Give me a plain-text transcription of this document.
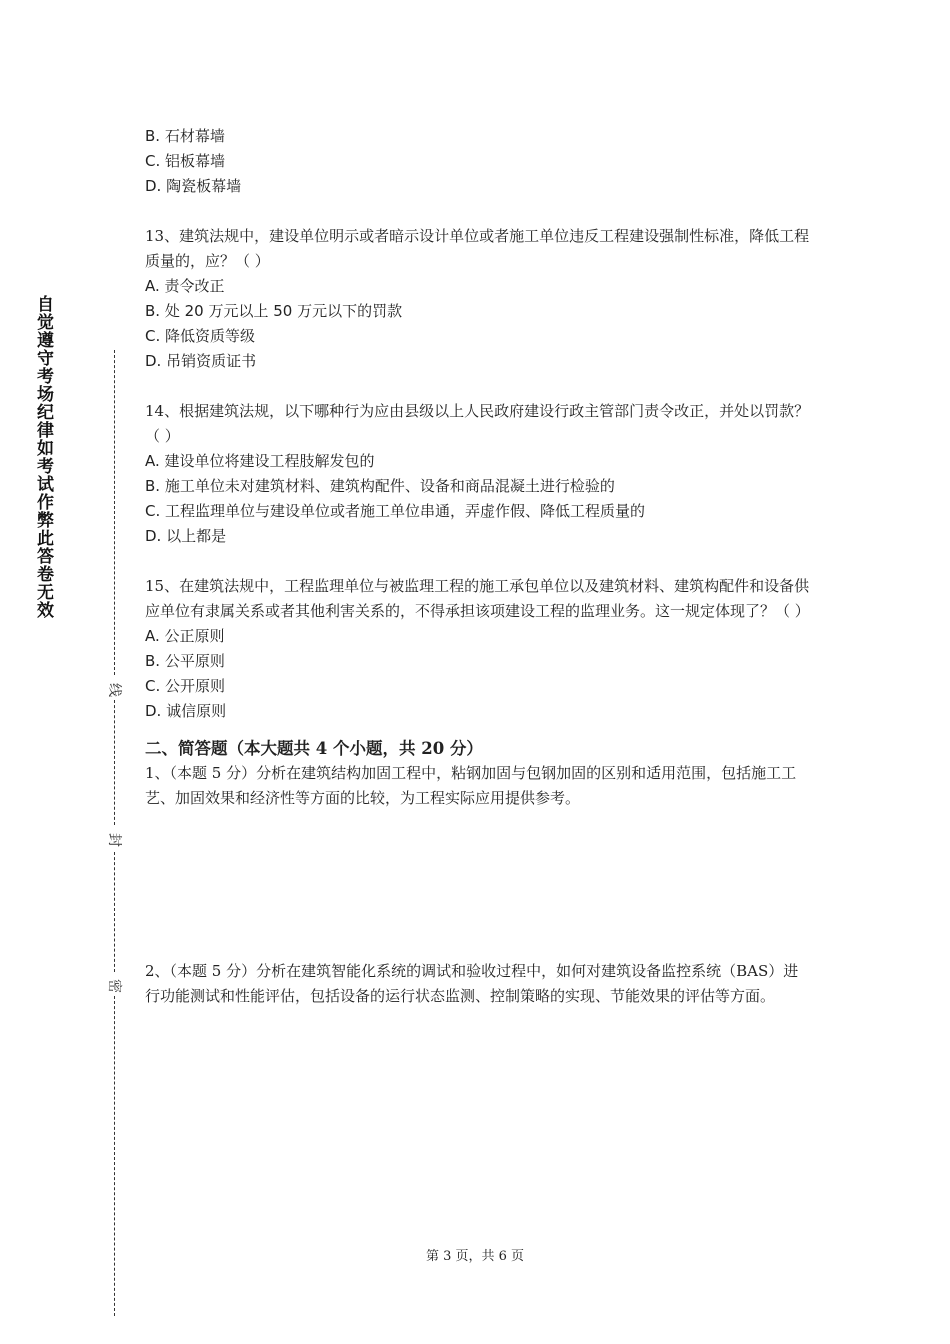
自觉遵守考场纪律如考试作弊此答卷无效
线
封
密

B. 石材幕墙

C. 铝板幕墙

D. 陶瓷板幕墙

13、建筑法规中，建设单位明示或者暗示设计单位或者施工单位违反工程建设强制性标准，降低工程质量的，应？（ ）

A. 责令改正

B. 处 20 万元以上 50 万元以下的罚款

C. 降低资质等级

D. 吊销资质证书

14、根据建筑法规，以下哪种行为应由县级以上人民政府建设行政主管部门责令改正，并处以罚款？（ ）

A. 建设单位将建设工程肢解发包的

B. 施工单位未对建筑材料、建筑构配件、设备和商品混凝土进行检验的

C. 工程监理单位与建设单位或者施工单位串通，弄虚作假、降低工程质量的

D. 以上都是

15、在建筑法规中，工程监理单位与被监理工程的施工承包单位以及建筑材料、建筑构配件和设备供应单位有隶属关系或者其他利害关系的，不得承担该项建设工程的监理业务。这一规定体现了？（ ）

A. 公正原则

B. 公平原则

C. 公开原则

D. 诚信原则

二、简答题（本大题共 4 个小题，共 20 分）

1、（本题 5 分）分析在建筑结构加固工程中，粘钢加固与包钢加固的区别和适用范围，包括施工工艺、加固效果和经济性等方面的比较，为工程实际应用提供参考。

2、（本题 5 分）分析在建筑智能化系统的调试和验收过程中，如何对建筑设备监控系统（BAS）进行功能测试和性能评估，包括设备的运行状态监测、控制策略的实现、节能效果的评估等方面。

第 3 页，共 6 页
